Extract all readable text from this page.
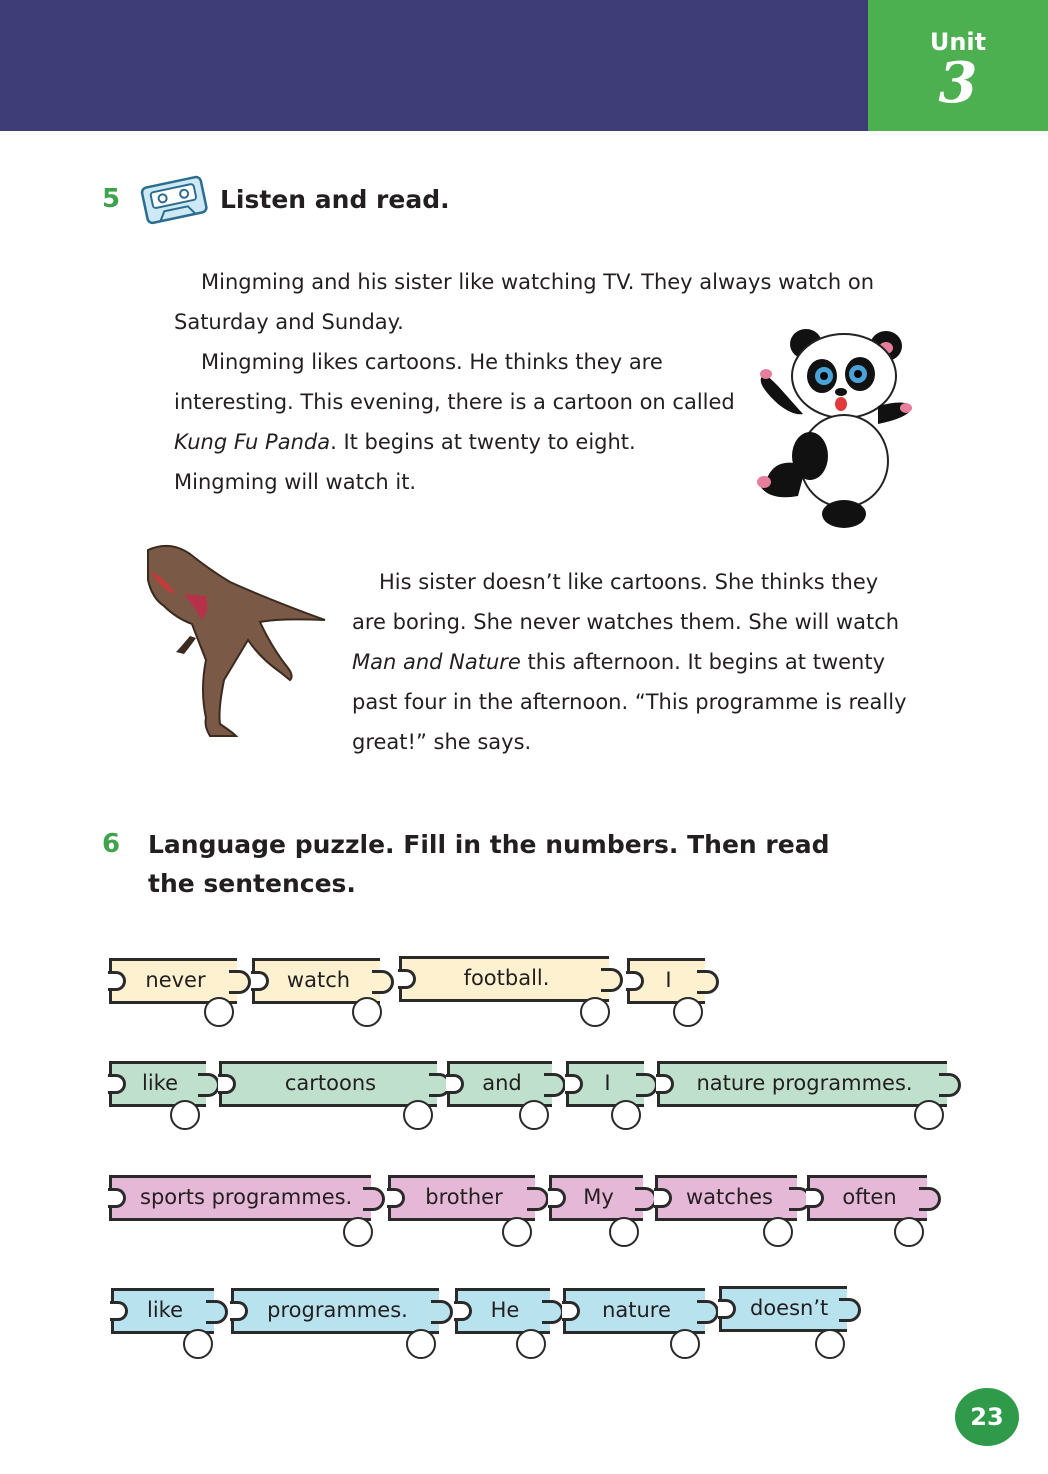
Unit
3
5	Listen and read.
Mingming and his sister like watching TV. They always watch on
Saturday and Sunday.
Mingming likes cartoons. He thinks they are
interesting. This evening, there is a cartoon on called
Kung Fu Panda. It begins at twenty to eight.
Mingming will watch it.
His sister doesn’t like cartoons. She thinks they
are boring. She never watches them. She will watch
Man and Nature this afternoon. It begins at twenty
past four in the afternoon. “This programme is really
great!” she says.
6 Language puzzle. Fill in the numbers. Then read
the sentences.
never	watch	football.	I
like	cartoons	and	I	nature programmes.
sports programmes.	brother	My	watches	often
like	programmes.	He	nature	doesn’t
23
